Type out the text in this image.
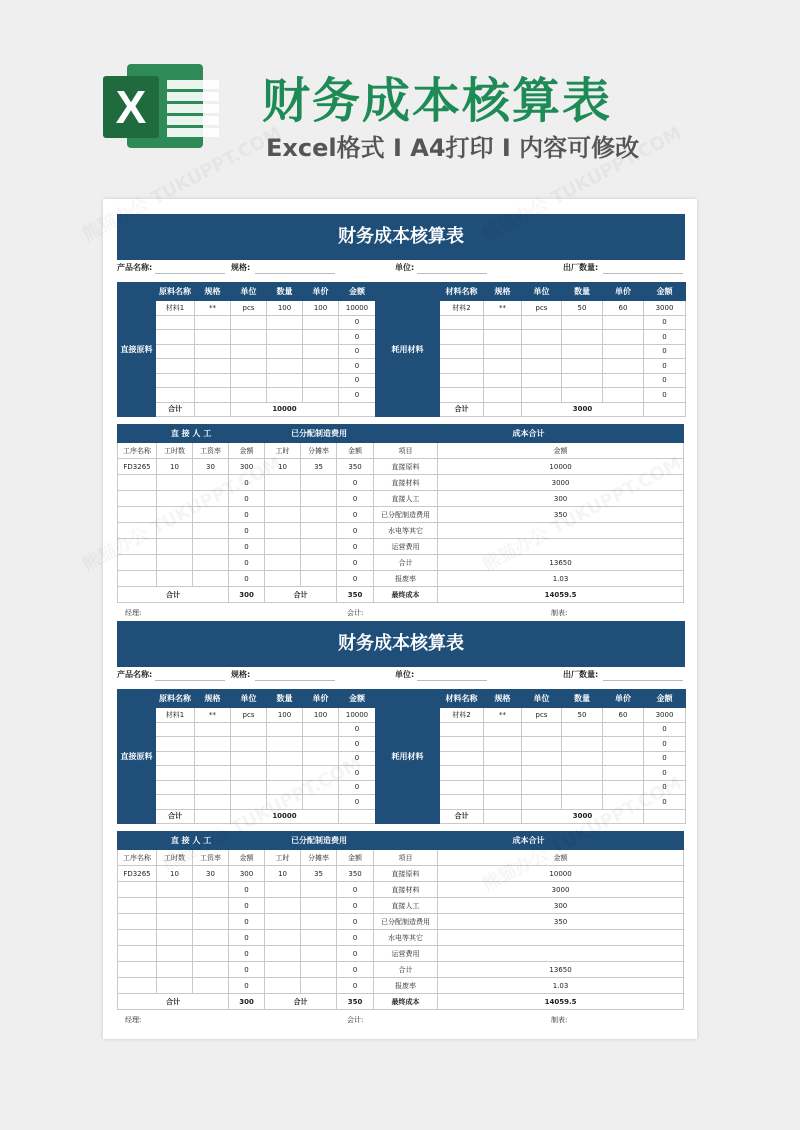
X 财务成本核算表
Excel格式 I A4打印 I 内容可修改
财务成本核算表
产品名称:	规格:	单位:	出厂数量:
直接原料	原料名称	规格	单位	数量	单价	金额
	材料1	**	pcs	100	100	10000
						0
						0
						0
						0
						0
						0
	合计		10000			
耗用材料	材料名称	规格	单位	数量	单价	金额
	材料2	**	pcs	50	60	3000
						0
						0
						0
						0
						0
						0
	合计		3000			
直 接 人 工				已分配制造费用			成本合计	
工序名称	工时数	工资率	金额	工时	分摊率	金额	项目	金额
FD3265	10	30	300	10	35	350	直接原料	10000
			0			0	直接材料	3000
			0			0	直接人工	300
			0			0	已分配制造费用	350
			0			0	水电等其它	
			0			0	运营费用	
			0			0	合计	13650
			0			0	报废率	1.03
合计			300	合计		350	最终成本	14059.5
经理:	会计:	制表:
财务成本核算表
产品名称:	规格:	单位:	出厂数量:
直接原料	原料名称	规格	单位	数量	单价	金额
	材料1	**	pcs	100	100	10000
						0
						0
						0
						0
						0
						0
	合计		10000			
耗用材料	材料名称	规格	单位	数量	单价	金额
	材料2	**	pcs	50	60	3000
						0
						0
						0
						0
						0
						0
	合计		3000			
直 接 人 工				已分配制造费用			成本合计	
工序名称	工时数	工资率	金额	工时	分摊率	金额	项目	金额
FD3265	10	30	300	10	35	350	直接原料	10000
			0			0	直接材料	3000
			0			0	直接人工	300
			0			0	已分配制造费用	350
			0			0	水电等其它	
			0			0	运营费用	
			0			0	合计	13650
			0			0	报废率	1.03
合计			300	合计		350	最终成本	14059.5
经理:	会计:	制表:
